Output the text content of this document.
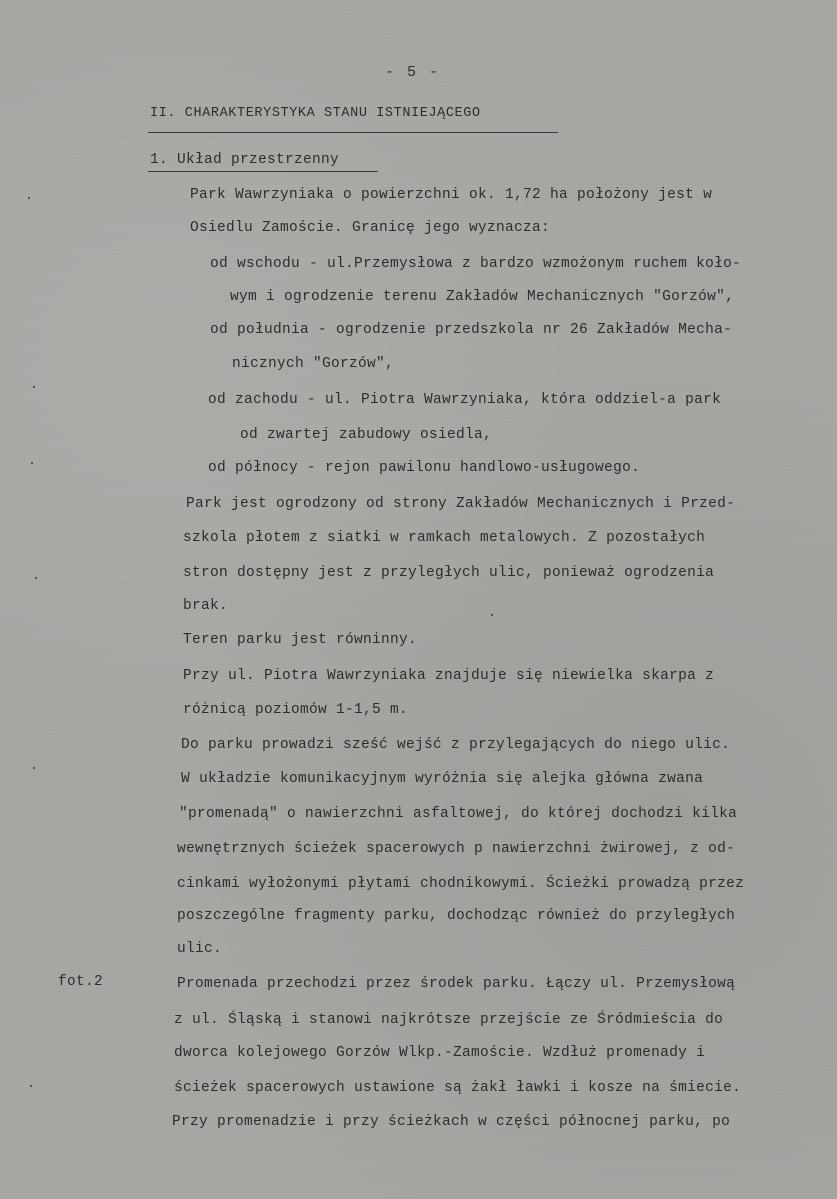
- 5 -
II. CHARAKTERYSTYKA STANU ISTNIEJĄCEGO
1. Układ przestrzenny
fot.2
Park Wawrzyniaka o powierzchni ok. 1,72 ha położony jest w
Osiedlu Zamoście. Granicę jego wyznacza:
od wschodu - ul.Przemysłowa z bardzo wzmożonym ruchem koło-
wym i ogrodzenie terenu Zakładów Mechanicznych "Gorzów",
od południa - ogrodzenie przedszkola nr 26 Zakładów Mecha-
nicznych "Gorzów",
od zachodu - ul. Piotra Wawrzyniaka, która oddziel-a park
od zwartej zabudowy osiedla,
od północy - rejon pawilonu handlowo-usługowego.
Park jest ogrodzony od strony Zakładów Mechanicznych i Przed-
szkola płotem z siatki w ramkach metalowych. Z pozostałych
stron dostępny jest z przyległych ulic, ponieważ ogrodzenia
brak.
Teren parku jest równinny.
Przy ul. Piotra Wawrzyniaka znajduje się niewielka skarpa z
różnicą poziomów 1-1,5 m.
Do parku prowadzi sześć wejść z przylegających do niego ulic.
W układzie komunikacyjnym wyróżnia się alejka główna zwana
"promenadą" o nawierzchni asfaltowej, do której dochodzi kilka
wewnętrznych ścieżek spacerowych p nawierzchni żwirowej, z od-
cinkami wyłożonymi płytami chodnikowymi. Ścieżki prowadzą przez
poszczególne fragmenty parku, dochodząc również do przyległych
ulic.
Promenada przechodzi przez środek parku. Łączy ul. Przemysłową
z ul. Śląską i stanowi najkrótsze przejście ze Śródmieścia do
dworca kolejowego Gorzów Wlkp.-Zamoście. Wzdłuż promenady i
ścieżek spacerowych ustawione są żakł ławki i kosze na śmiecie.
Przy promenadzie i przy ścieżkach w części północnej parku, po
